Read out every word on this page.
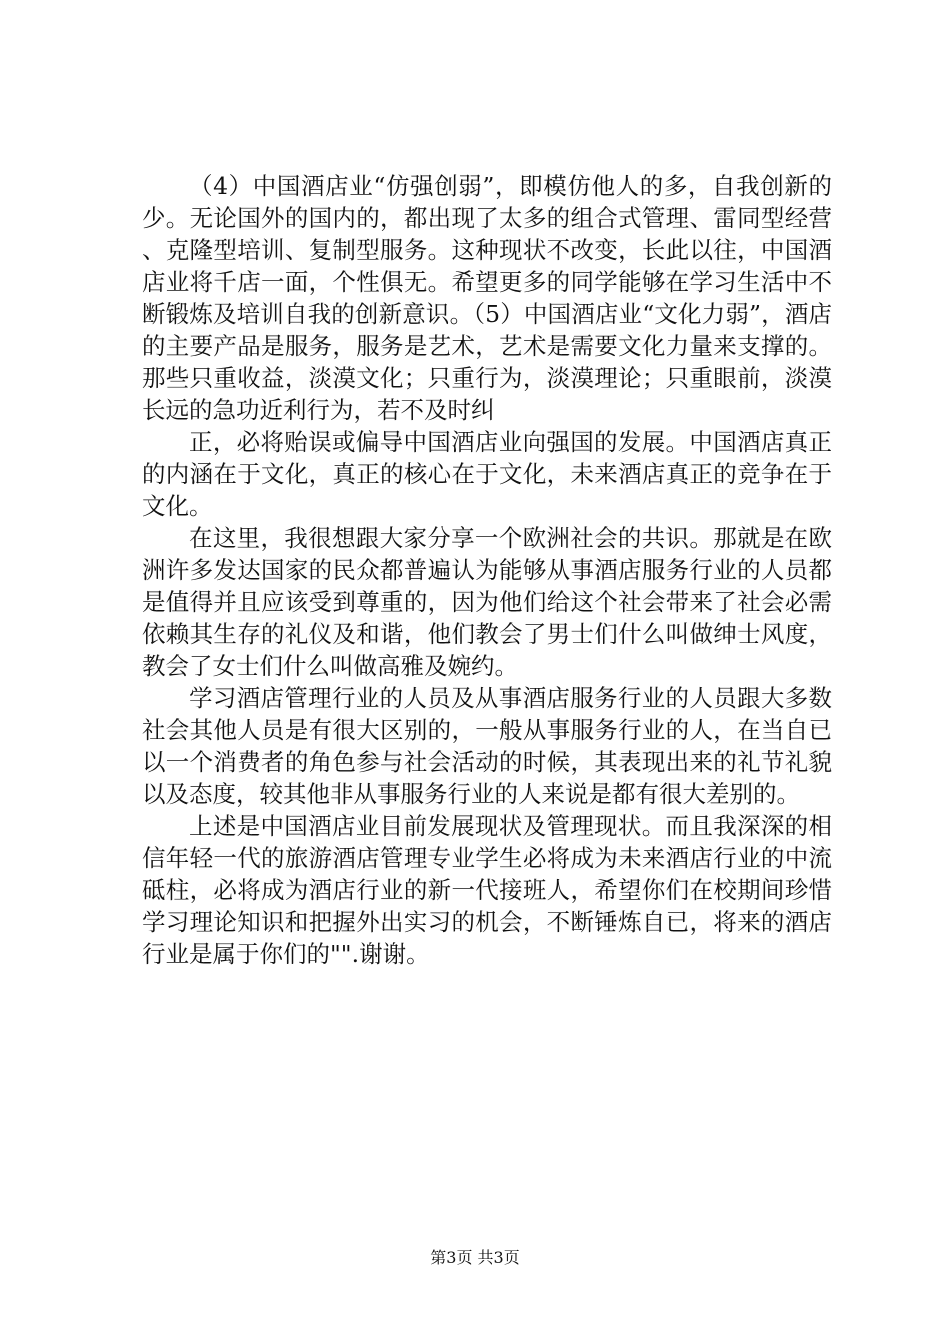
（4）中国酒店业“仿强创弱”，即模仿他人的多，自我创新的少。无论国外的国内的，都出现了太多的组合式管理、雷同型经营、克隆型培训、复制型服务。这种现状不改变，长此以往，中国酒店业将千店一面，个性俱无。希望更多的同学能够在学习生活中不断锻炼及培训自我的创新意识。（5）中国酒店业“文化力弱”，酒店的主要产品是服务，服务是艺术，艺术是需要文化力量来支撑的。那些只重收益，淡漠文化；只重行为，淡漠理论；只重眼前，淡漠长远的急功近利行为，若不及时纠

正，必将贻误或偏导中国酒店业向强国的发展。中国酒店真正的内涵在于文化，真正的核心在于文化，未来酒店真正的竞争在于文化。

在这里，我很想跟大家分享一个欧洲社会的共识。那就是在欧洲许多发达国家的民众都普遍认为能够从事酒店服务行业的人员都是值得并且应该受到尊重的，因为他们给这个社会带来了社会必需依赖其生存的礼仪及和谐，他们教会了男士们什么叫做绅士风度，教会了女士们什么叫做高雅及婉约。

学习酒店管理行业的人员及从事酒店服务行业的人员跟大多数社会其他人员是有很大区别的，一般从事服务行业的人，在当自已以一个消费者的角色参与社会活动的时候，其表现出来的礼节礼貌以及态度，较其他非从事服务行业的人来说是都有很大差别的。

上述是中国酒店业目前发展现状及管理现状。而且我深深的相信年轻一代的旅游酒店管理专业学生必将成为未来酒店行业的中流砥柱，必将成为酒店行业的新一代接班人，希望你们在校期间珍惜学习理论知识和把握外出实习的机会，不断锤炼自已，将来的酒店行业是属于你们的"".谢谢。

第3页 共3页
